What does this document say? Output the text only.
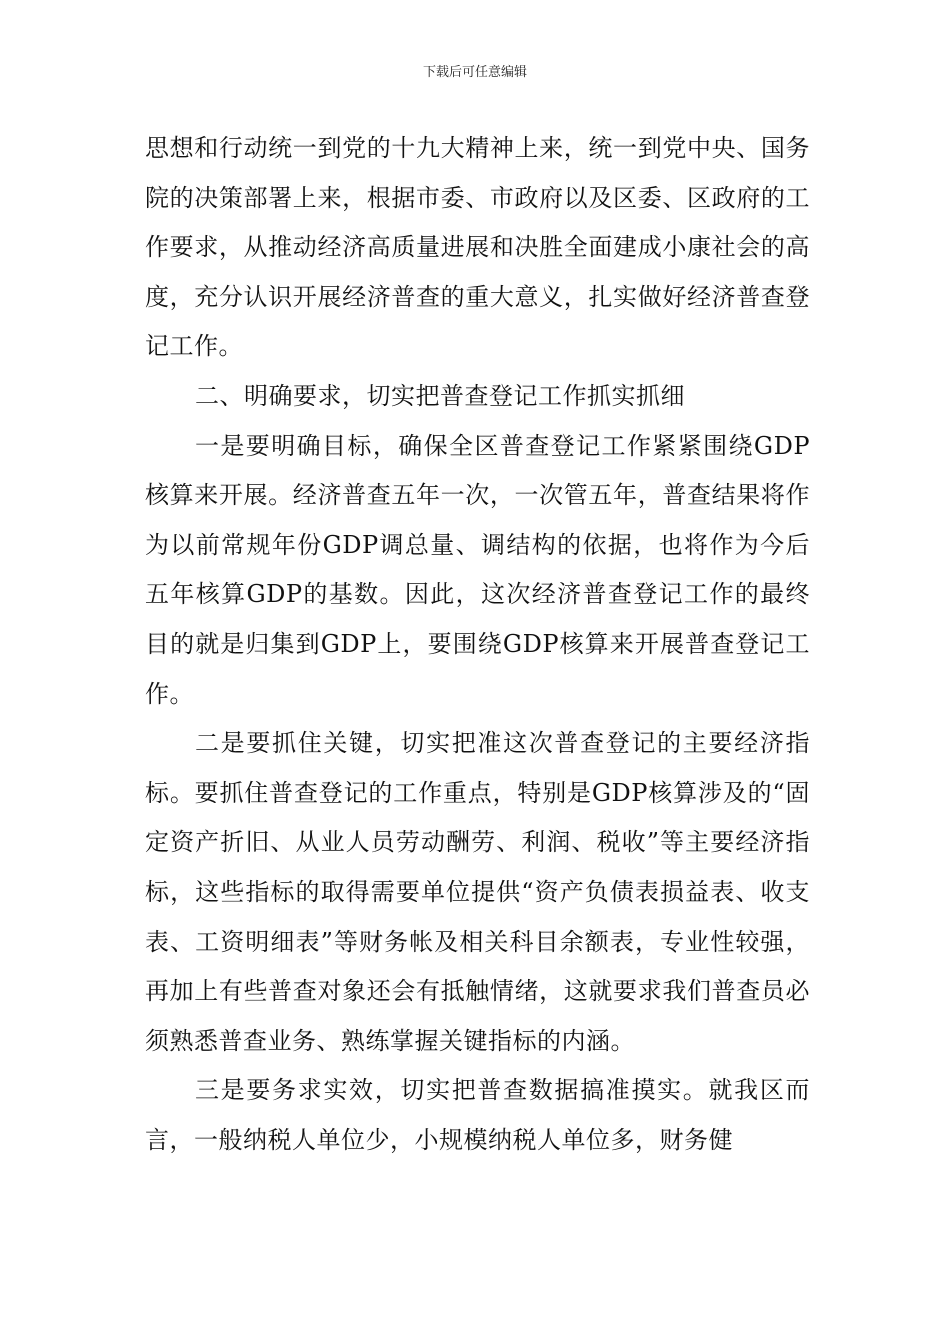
下载后可任意编辑

思想和行动统一到党的十九大精神上来，统一到党中央、国务院的决策部署上来，根据市委、市政府以及区委、区政府的工作要求，从推动经济高质量进展和决胜全面建成小康社会的高度，充分认识开展经济普查的重大意义，扎实做好经济普查登记工作。

二、明确要求，切实把普查登记工作抓实抓细

一是要明确目标，确保全区普查登记工作紧紧围绕GDP核算来开展。经济普查五年一次，一次管五年，普查结果将作为以前常规年份GDP调总量、调结构的依据，也将作为今后五年核算GDP的基数。因此，这次经济普查登记工作的最终目的就是归集到GDP上，要围绕GDP核算来开展普查登记工作。

二是要抓住关键，切实把准这次普查登记的主要经济指标。要抓住普查登记的工作重点，特别是GDP核算涉及的“固定资产折旧、从业人员劳动酬劳、利润、税收”等主要经济指标，这些指标的取得需要单位提供“资产负债表损益表、收支表、工资明细表”等财务帐及相关科目余额表，专业性较强，再加上有些普查对象还会有抵触情绪，这就要求我们普查员必须熟悉普查业务、熟练掌握关键指标的内涵。

三是要务求实效，切实把普查数据搞准摸实。就我区而言，一般纳税人单位少，小规模纳税人单位多，财务健
